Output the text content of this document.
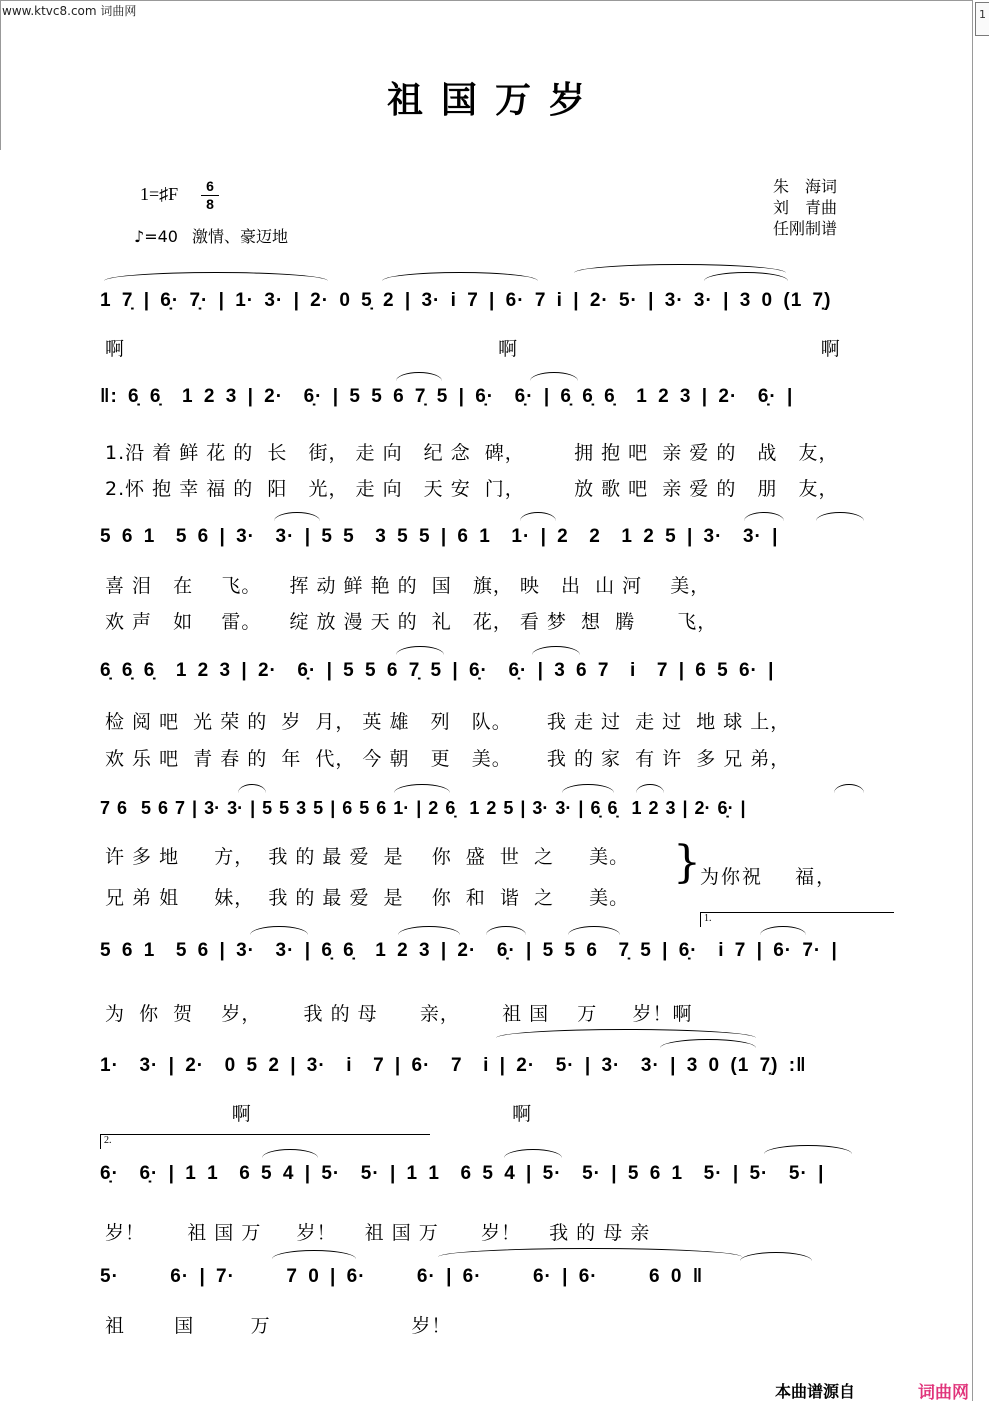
1
www.ktvc8.com 词曲网
祖国万岁
1=♯F	6
8
♪=40 激情、豪迈地
朱　海词
刘　青曲
任刚制谱
1 7̣ | 6̣· 7̣· | 1· 3· | 2· 0 5̣ 2 | 3· i 7 | 6· 7 i | 2· 5· | 3· 3· | 3 0 (1 7̣)
啊                                                     啊                                           啊
‖: 6̣ 6̣  1 2 3 | 2·  6̣· | 5 5 6 7̣ 5 | 6̣·  6̣· | 6̣ 6̣ 6̣  1 2 3 | 2·  6̣· |
1.沿 着 鲜 花 的  长   街， 走 向   纪 念  碑，       拥 抱 吧  亲 爱 的   战   友，
2.怀 抱 幸 福 的  阳   光， 走 向   天 安  门，       放 歌 吧  亲 爱 的   朋   友，
5 6 1  5 6 | 3·  3· | 5 5  3 5 5 | 6 1  1· | 2  2  1 2 5 | 3·  3· |
喜 泪   在    飞。    挥 动 鲜 艳 的  国   旗， 映   出  山 河    美，
欢 声   如    雷。    绽 放 漫 天 的  礼   花， 看 梦  想  腾      飞，
6̣ 6̣ 6̣  1 2 3 | 2·  6̣· | 5 5 6 7̣ 5 | 6̣·  6̣· | 3 6 7  i  7 | 6 5 6· |
检 阅 吧  光 荣 的  岁  月， 英 雄   列   队。     我 走 过  走 过  地 球 上，
欢 乐 吧  青 春 的  年  代， 今 朝   更   美。     我 的 家  有 许  多 兄 弟，
7 6  5 6 7 | 3· 3· | 5 5 3 5 | 6 5 6 1· | 2 6̣  1 2 5 | 3· 3· | 6̣ 6̣  1 2 3 | 2· 6̣· |
许 多 地     方，  我 的 最 爱  是    你  盛  世  之     美。
兄 弟 姐     妹，  我 的 最 爱  是    你  和  谐  之     美。
} 为你祝    福，
1.
5 6 1  5 6 | 3·  3· | 6̣ 6̣  1 2 3 | 2·  6̣· | 5 5 6  7̣ 5 | 6̣·  i 7 | 6· 7· |
为  你  贺    岁，      我 的 母      亲，      祖 国    万     岁！啊
1·  3· | 2·  0 5 2 | 3·  i  7 | 6·  7  i | 2·  5· | 3·  3· | 3 0 (1 7̣) :‖
啊                                     啊
2.
6̣·  6̣· | 1 1  6 5 4 | 5·  5· | 1 1  6 5 4 | 5·  5· | 5 6 1  5· | 5·  5· |
岁！      祖 国 万     岁！    祖 国 万      岁！    我 的 母 亲
5·     6· | 7·     7 0 | 6·     6· | 6·     6· | 6·     6 0 ‖
祖       国        万                    岁！
本曲谱源自	词曲网
